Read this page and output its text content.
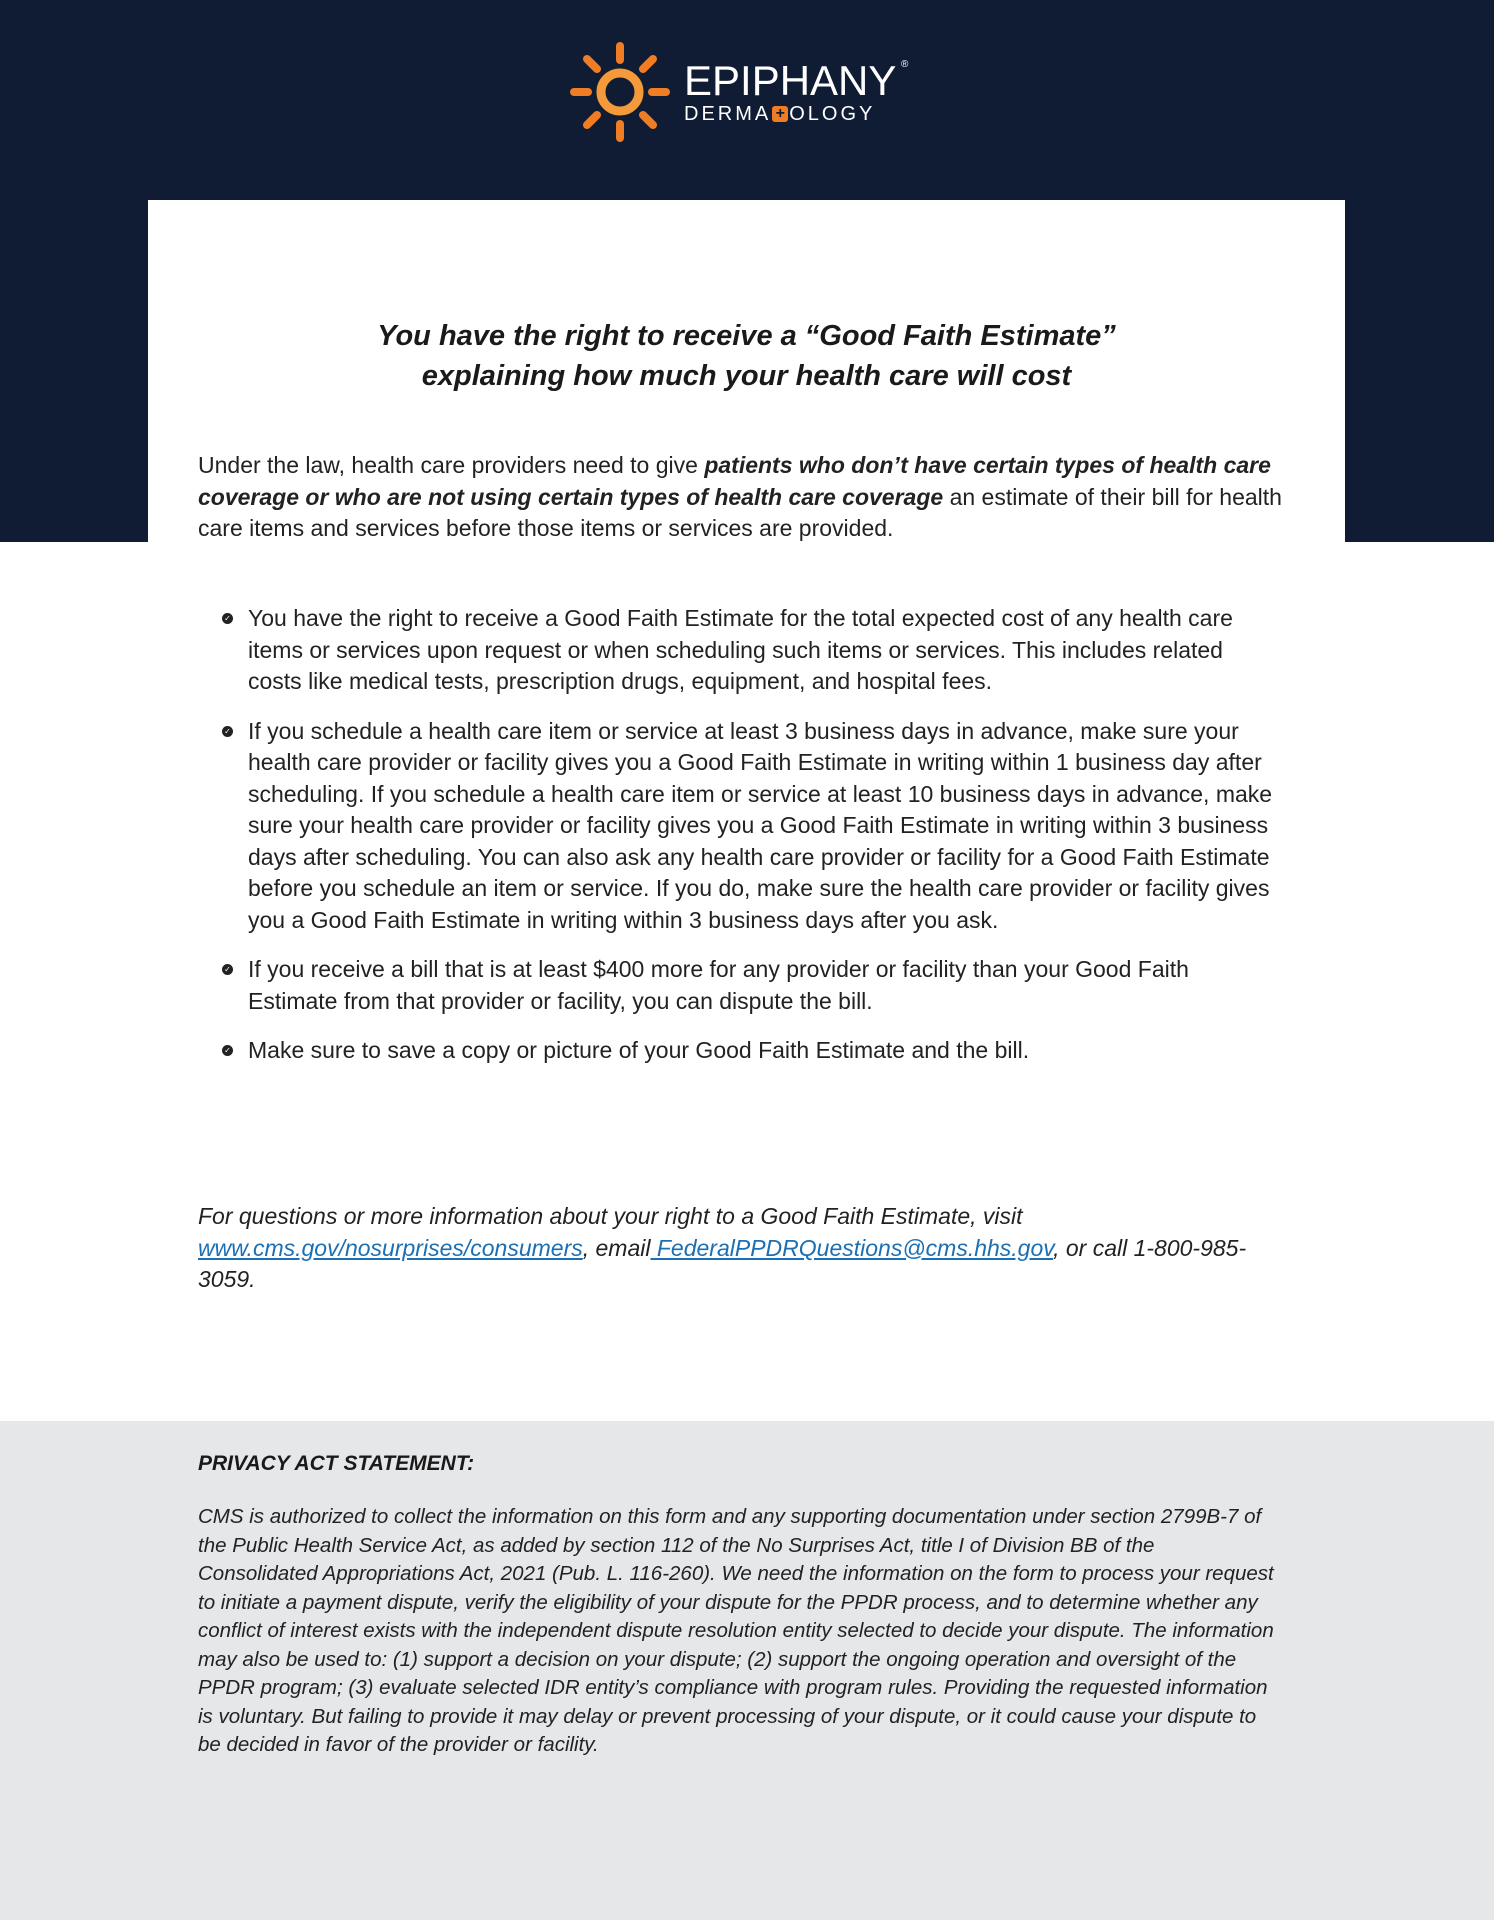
EPIPHANY ®
DERMA + OLOGY
You have the right to receive a “Good Faith Estimate”
explaining how much your health care will cost

Under the law, health care providers need to give patients who don’t have certain types of health care coverage or who are not using certain types of health care coverage an estimate of their bill for health care items and services before those items or services are provided.

✓ You have the right to receive a Good Faith Estimate for the total expected cost of any health care items or services upon request or when scheduling such items or services. This includes related costs like medical tests, prescription drugs, equipment, and hospital fees.
✓ If you schedule a health care item or service at least 3 business days in advance, make sure your health care provider or facility gives you a Good Faith Estimate in writing within 1 business day after scheduling. If you schedule a health care item or service at least 10 business days in advance, make sure your health care provider or facility gives you a Good Faith Estimate in writing within 3 business days after scheduling. You can also ask any health care provider or facility for a Good Faith Estimate before you schedule an item or service. If you do, make sure the health care provider or facility gives you a Good Faith Estimate in writing within 3 business days after you ask.
✓ If you receive a bill that is at least $400 more for any provider or facility than your Good Faith Estimate from that provider or facility, you can dispute the bill.
✓ Make sure to save a copy or picture of your Good Faith Estimate and the bill.

For questions or more information about your right to a Good Faith Estimate, visit www.cms.gov/nosurprises/consumers, email FederalPPDRQuestions@cms.hhs.gov, or call 1-800-985-3059.

PRIVACY ACT STATEMENT:

CMS is authorized to collect the information on this form and any supporting documentation under section 2799B-7 of the Public Health Service Act, as added by section 112 of the No Surprises Act, title I of Division BB of the Consolidated Appropriations Act, 2021 (Pub. L. 116-260). We need the information on the form to process your request to initiate a payment dispute, verify the eligibility of your dispute for the PPDR process, and to determine whether any conflict of interest exists with the independent dispute resolution entity selected to decide your dispute. The information may also be used to: (1) support a decision on your dispute; (2) support the ongoing operation and oversight of the PPDR program; (3) evaluate selected IDR entity’s compliance with program rules. Providing the requested information is voluntary. But failing to provide it may delay or prevent processing of your dispute, or it could cause your dispute to be decided in favor of the provider or facility.
